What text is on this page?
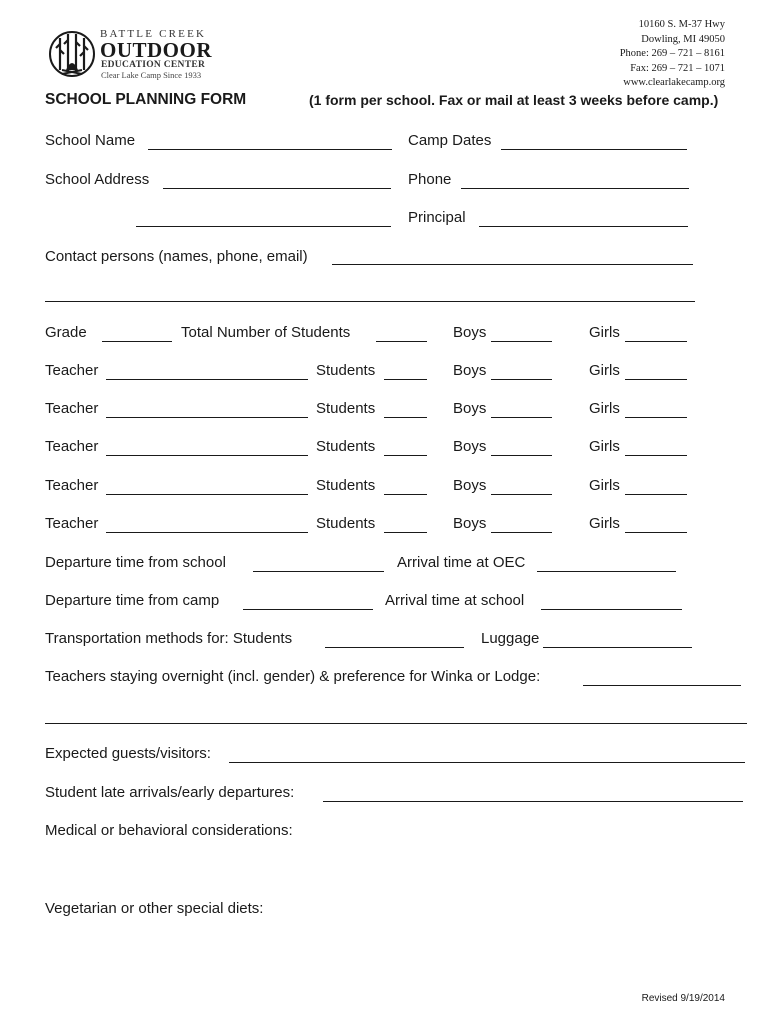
BATTLE CREEK
OUTDOOR
EDUCATION CENTER
Clear Lake Camp Since 1933
10160 S. M-37 Hwy
Dowling, MI 49050
Phone: 269 – 721 – 8161
Fax: 269 – 721 – 1071
www.clearlakecamp.org
SCHOOL PLANNING FORM	(1 form per school. Fax or mail at least 3 weeks before camp.)
School Name	Camp Dates
School Address	Phone
Principal
Contact persons (names, phone, email)
Grade	Total Number of Students	Boys	Girls
Teacher	Students	Boys	Girls
Teacher	Students	Boys	Girls
Teacher	Students	Boys	Girls
Teacher	Students	Boys	Girls
Teacher	Students	Boys	Girls
Departure time from school	Arrival time at OEC
Departure time from camp	Arrival time at school
Transportation methods for: Students	Luggage
Teachers staying overnight (incl. gender) & preference for Winka or Lodge:
Expected guests/visitors:
Student late arrivals/early departures:
Medical or behavioral considerations:
Vegetarian or other special diets:
Revised 9/19/2014
